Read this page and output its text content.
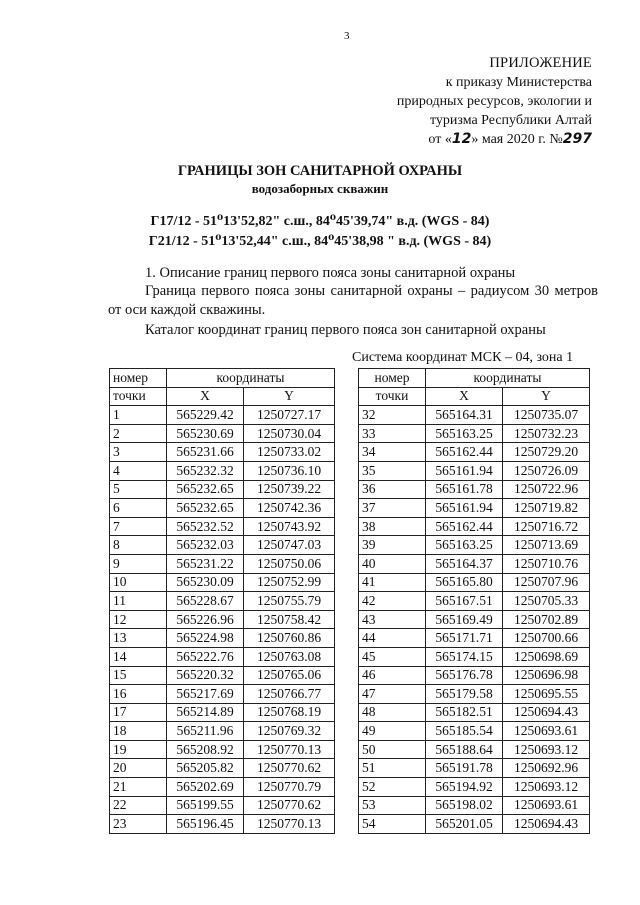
3
ПРИЛОЖЕНИЕ
к приказу Министерства
природных ресурсов, экологии и
туризма Республики Алтай
от «12» мая 2020 г. №297
ГРАНИЦЫ ЗОН САНИТАРНОЙ ОХРАНЫ
водозаборных скважин
Г17/12 - 51⁰13'52,82" с.ш., 84⁰45'39,74" в.д. (WGS - 84)
Г21/12 - 51⁰13'52,44" с.ш., 84⁰45'38,98 " в.д. (WGS - 84)
1. Описание границ первого пояса зоны санитарной охраны
Граница первого пояса зоны санитарной охраны – радиусом 30 метров от оси каждой скважины.
Каталог координат границ первого пояса зон санитарной охраны
Система координат МСК – 04, зона 1
номер	координаты	
точки	X	Y
1	565229.42	1250727.17
2	565230.69	1250730.04
3	565231.66	1250733.02
4	565232.32	1250736.10
5	565232.65	1250739.22
6	565232.65	1250742.36
7	565232.52	1250743.92
8	565232.03	1250747.03
9	565231.22	1250750.06
10	565230.09	1250752.99
11	565228.67	1250755.79
12	565226.96	1250758.42
13	565224.98	1250760.86
14	565222.76	1250763.08
15	565220.32	1250765.06
16	565217.69	1250766.77
17	565214.89	1250768.19
18	565211.96	1250769.32
19	565208.92	1250770.13
20	565205.82	1250770.62
21	565202.69	1250770.79
22	565199.55	1250770.62
23	565196.45	1250770.13
номер	координаты	
точки	X	Y
32	565164.31	1250735.07
33	565163.25	1250732.23
34	565162.44	1250729.20
35	565161.94	1250726.09
36	565161.78	1250722.96
37	565161.94	1250719.82
38	565162.44	1250716.72
39	565163.25	1250713.69
40	565164.37	1250710.76
41	565165.80	1250707.96
42	565167.51	1250705.33
43	565169.49	1250702.89
44	565171.71	1250700.66
45	565174.15	1250698.69
46	565176.78	1250696.98
47	565179.58	1250695.55
48	565182.51	1250694.43
49	565185.54	1250693.61
50	565188.64	1250693.12
51	565191.78	1250692.96
52	565194.92	1250693.12
53	565198.02	1250693.61
54	565201.05	1250694.43
